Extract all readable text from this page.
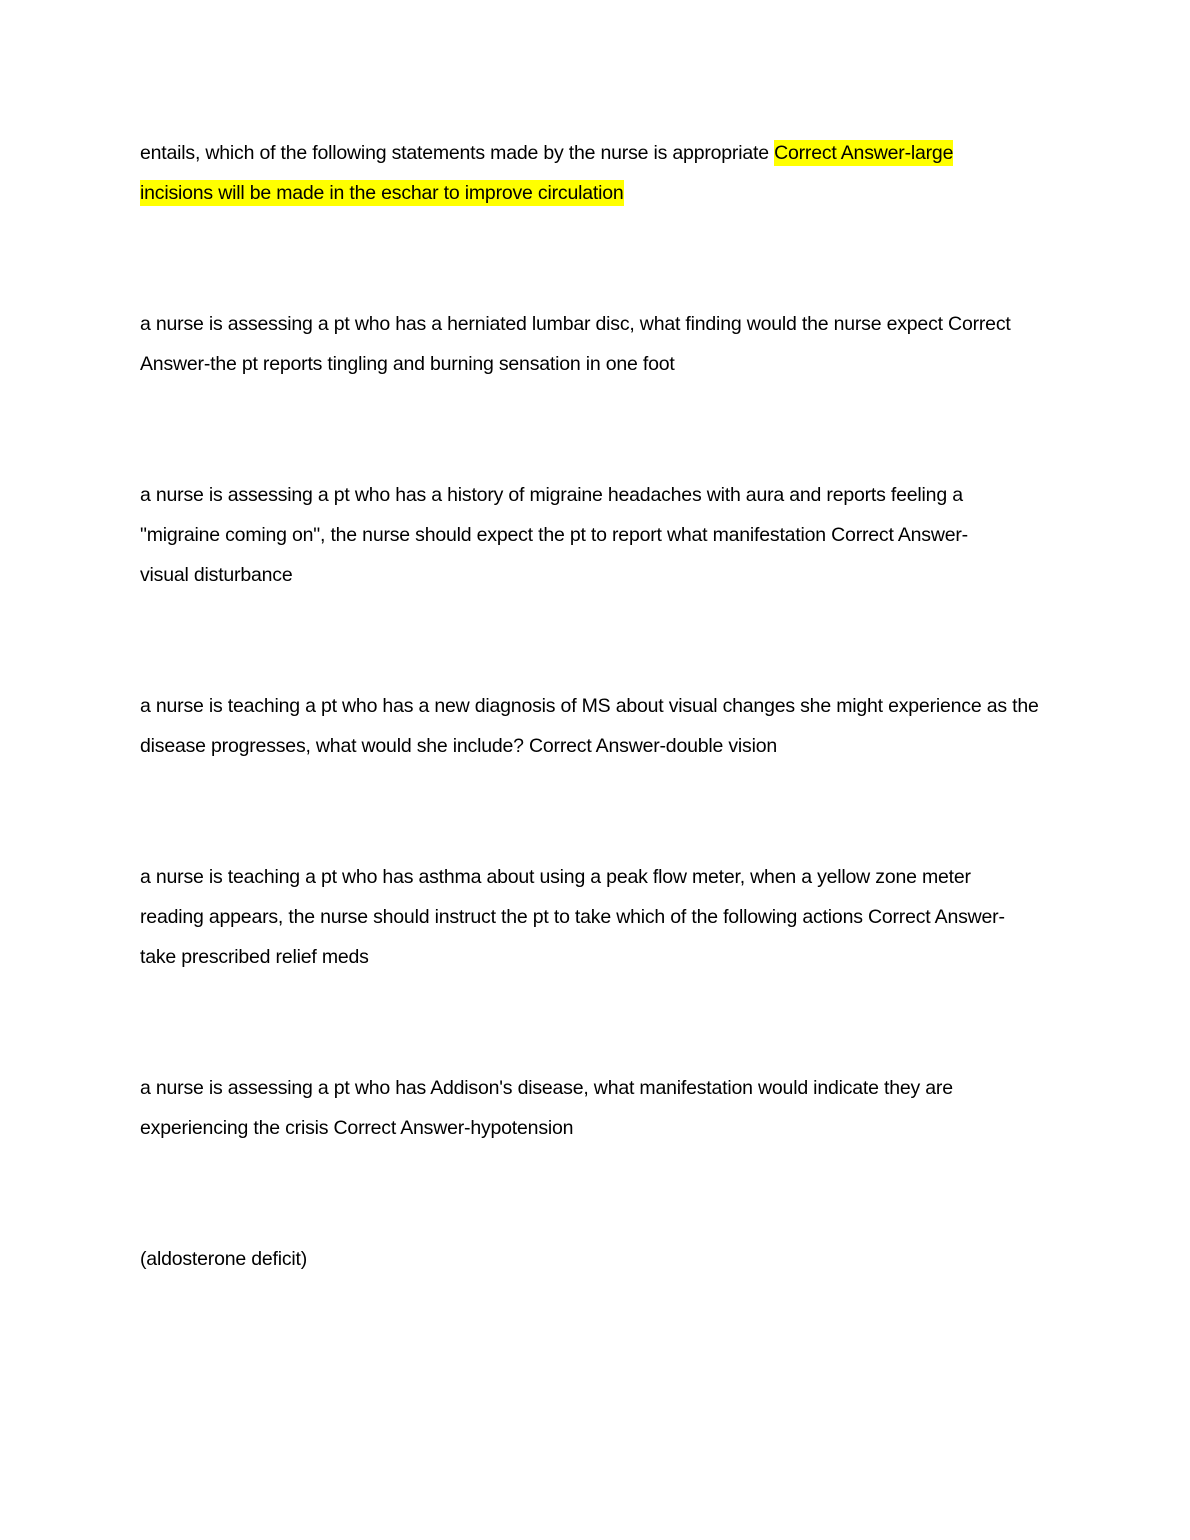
entails, which of the following statements made by the nurse is appropriate Correct Answer-large
incisions will be made in the eschar to improve circulation

a nurse is assessing a pt who has a herniated lumbar disc, what finding would the nurse expect Correct
Answer-the pt reports tingling and burning sensation in one foot

a nurse is assessing a pt who has a history of migraine headaches with aura and reports feeling a
"migraine coming on", the nurse should expect the pt to report what manifestation Correct Answer-
visual disturbance

a nurse is teaching a pt who has a new diagnosis of MS about visual changes she might experience as the
disease progresses, what would she include? Correct Answer-double vision

a nurse is teaching a pt who has asthma about using a peak flow meter, when a yellow zone meter
reading appears, the nurse should instruct the pt to take which of the following actions Correct Answer-
take prescribed relief meds

a nurse is assessing a pt who has Addison's disease, what manifestation would indicate they are
experiencing the crisis Correct Answer-hypotension

(aldosterone deficit)
